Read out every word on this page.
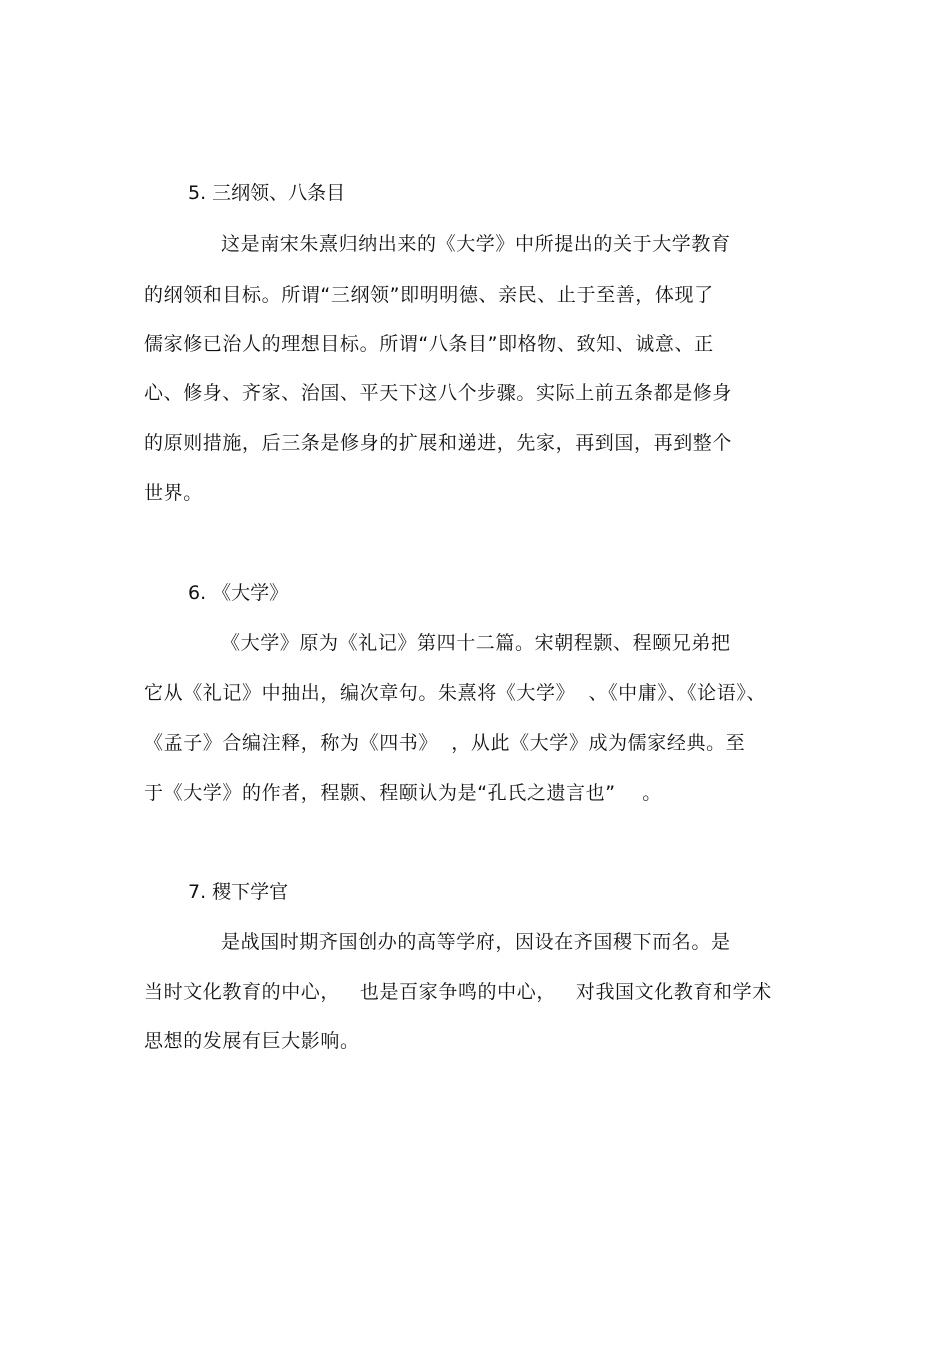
5. 三纲领、八条目
这是南宋朱熹归纳出来的《大学》中所提出的关于大学教育
的纲领和目标。所谓“三纲领”即明明德、亲民、止于至善，体现了
儒家修已治人的理想目标。所谓“八条目”即格物、致知、诚意、正
心、修身、齐家、治国、平天下这八个步骤。实际上前五条都是修身
的原则措施，后三条是修身的扩展和递进，先家，再到国，再到整个
世界。
6. 《大学》
《大学》原为《礼记》第四十二篇。宋朝程颢、程颐兄弟把
它从《礼记》中抽出，编次章句。朱熹将《大学》  、《中庸》、《论语》、
《孟子》合编注释，称为《四书》  ，从此《大学》成为儒家经典。至
于《大学》的作者，程颢、程颐认为是“孔氏之遗言也”    。
7. 稷下学官
是战国时期齐国创办的高等学府，因设在齐国稷下而名。是
当时文化教育的中心，   也是百家争鸣的中心，   对我国文化教育和学术
思想的发展有巨大影响。
